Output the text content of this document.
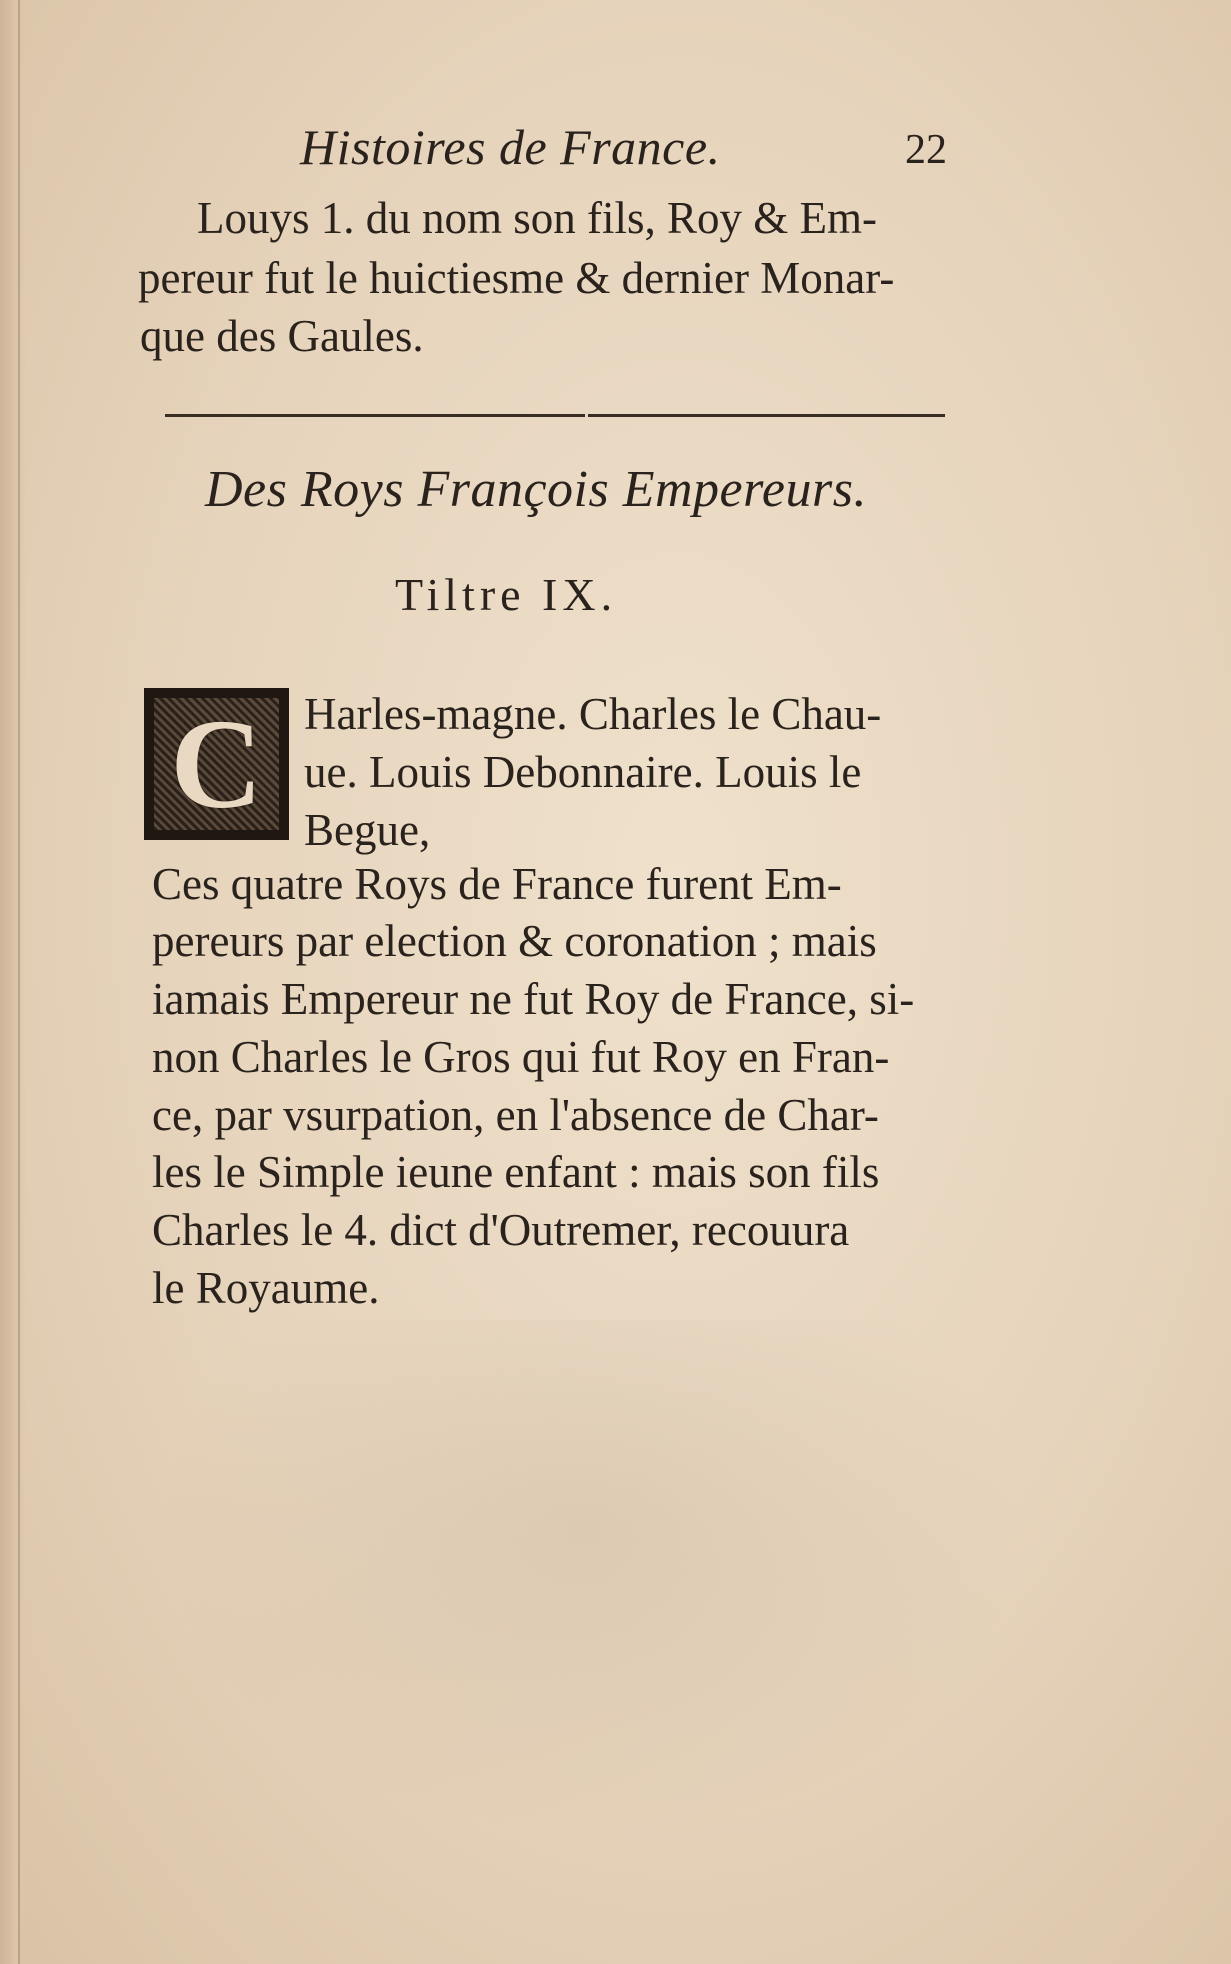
Histoires de France.	22
Louys 1. du nom son fils, Roy & Em-
pereur fut le huictiesme & dernier Monar-
que des Gaules.
Des Roys François Empereurs.
Tiltre IX.
C Harles-magne. Charles le Chau-
ue. Louis Debonnaire. Louis le
Begue,
Ces quatre Roys de France furent Em-
pereurs par election & coronation ; mais
iamais Empereur ne fut Roy de France, si-
non Charles le Gros qui fut Roy en Fran-
ce, par vsurpation, en l'absence de Char-
les le Simple ieune enfant : mais son fils
Charles le 4. dict d'Outremer, recouura
le Royaume.
